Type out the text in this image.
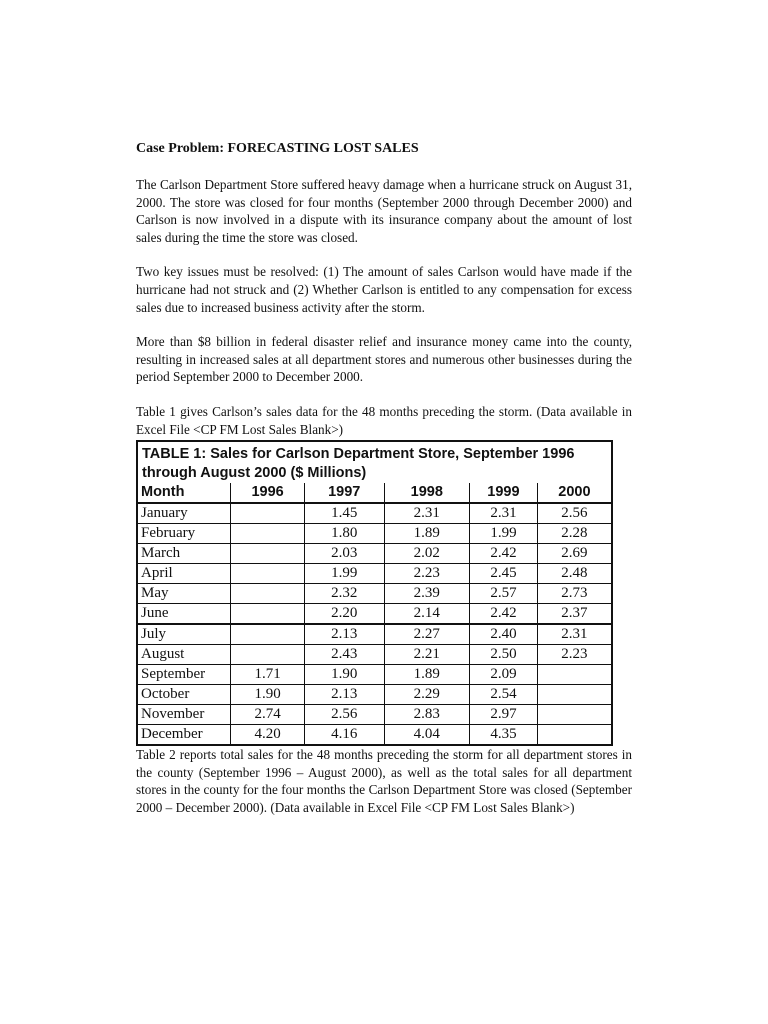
Case Problem: FORECASTING LOST SALES

The Carlson Department Store suffered heavy damage when a hurricane struck on August 31, 2000. The store was closed for four months (September 2000 through December 2000) and Carlson is now involved in a dispute with its insurance company about the amount of lost sales during the time the store was closed.

Two key issues must be resolved: (1) The amount of sales Carlson would have made if the hurricane had not struck and (2) Whether Carlson is entitled to any compensation for excess sales due to increased business activity after the storm.

More than $8 billion in federal disaster relief and insurance money came into the county, resulting in increased sales at all department stores and numerous other businesses during the period September 2000 to December 2000.

Table 1 gives Carlson’s sales data for the 48 months preceding the storm. (Data available in Excel File <CP FM Lost Sales Blank>)

TABLE 1: Sales for Carlson Department Store, September 1996 through August 2000 ($ Millions)					
Month	1996	1997	1998	1999	2000
January		1.45	2.31	2.31	2.56
February		1.80	1.89	1.99	2.28
March		2.03	2.02	2.42	2.69
April		1.99	2.23	2.45	2.48
May		2.32	2.39	2.57	2.73
June		2.20	2.14	2.42	2.37
July		2.13	2.27	2.40	2.31
August		2.43	2.21	2.50	2.23
September	1.71	1.90	1.89	2.09	
October	1.90	2.13	2.29	2.54	
November	2.74	2.56	2.83	2.97	
December	4.20	4.16	4.04	4.35	

Table 2 reports total sales for the 48 months preceding the storm for all department stores in the county (September 1996 – August 2000), as well as the total sales for all department stores in the county for the four months the Carlson Department Store was closed (September 2000 – December 2000). (Data available in Excel File <CP FM Lost Sales Blank>)
